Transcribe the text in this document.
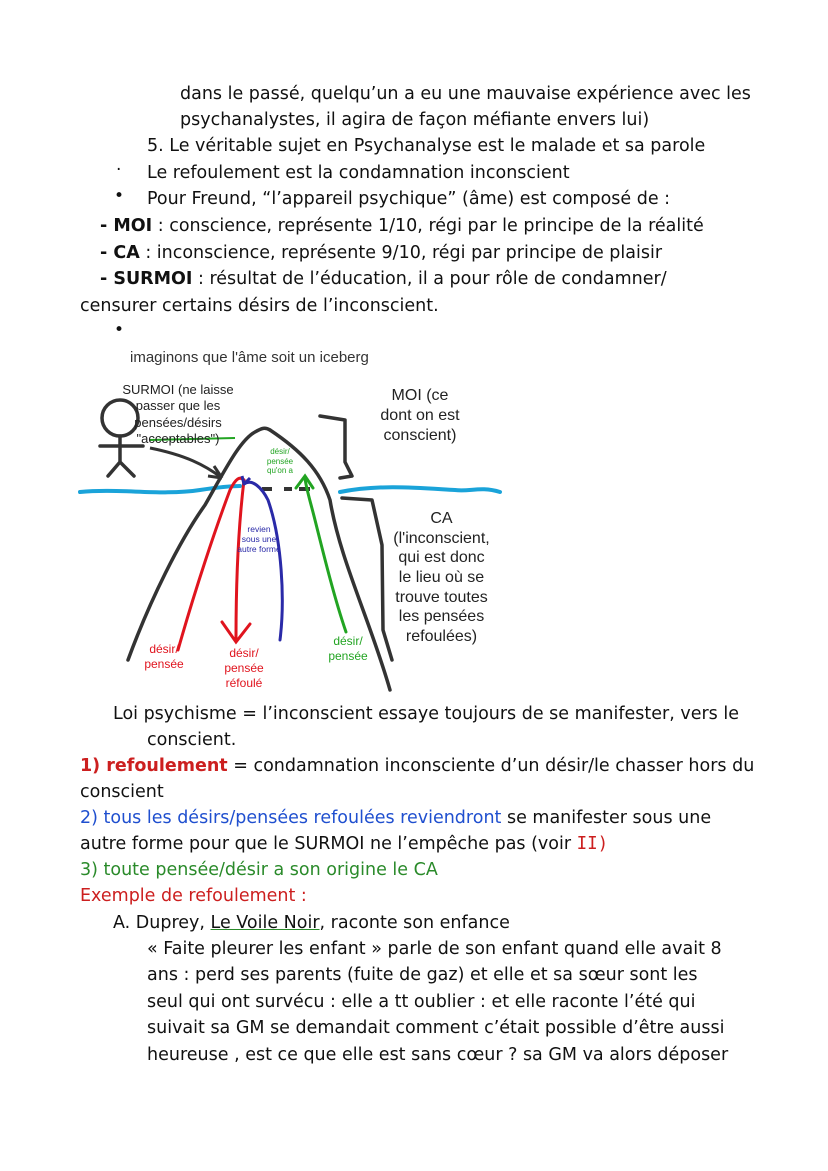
dans le passé, quelqu’un a eu une mauvaise expérience avec les
psychanalystes, il agira de façon méfiante envers lui)
5. Le véritable sujet en Psychanalyse est le malade et sa parole
· Le refoulement est la condamnation inconscient
• Pour Freund, “l’appareil psychique” (âme) est composé de :
- MOI : conscience, représente 1/10, régi par le principe de la réalité
- CA : inconscience, représente 9/10, régi par principe de plaisir
- SURMOI : résultat de l’éducation, il a pour rôle de condamner/
censurer certains désirs de l’inconscient.
•
imaginons que l'âme soit un iceberg
SURMOI (ne laisse
passer que les
pensées/désirs
"acceptables")
MOI (ce
dont on est
conscient)
CA
(l'inconscient,
qui est donc
le lieu où se
trouve toutes
les pensées
refoulées)
désir/
pensée
qu'on a
revien
sous une
autre forme
désir/
pensée
désir/
pensée
réfoulé
désir/
pensée
Loi psychisme = l’inconscient essaye toujours de se manifester, vers le
conscient.
1) refoulement = condamnation inconsciente d’un désir/le chasser hors du
conscient
2) tous les désirs/pensées refoulées reviendront se manifester sous une
autre forme pour que le SURMOI ne l’empêche pas (voir II)
3) toute pensée/désir a son origine le CA
Exemple de refoulement :
A. Duprey, Le Voile Noir, raconte son enfance
« Faite pleurer les enfant » parle de son enfant quand elle avait 8
ans : perd ses parents (fuite de gaz) et elle et sa sœur sont les
seul qui ont survécu : elle a tt oublier : et elle raconte l’été qui
suivait sa GM se demandait comment c’était possible d’être aussi
heureuse , est ce que elle est sans cœur ? sa GM va alors déposer
